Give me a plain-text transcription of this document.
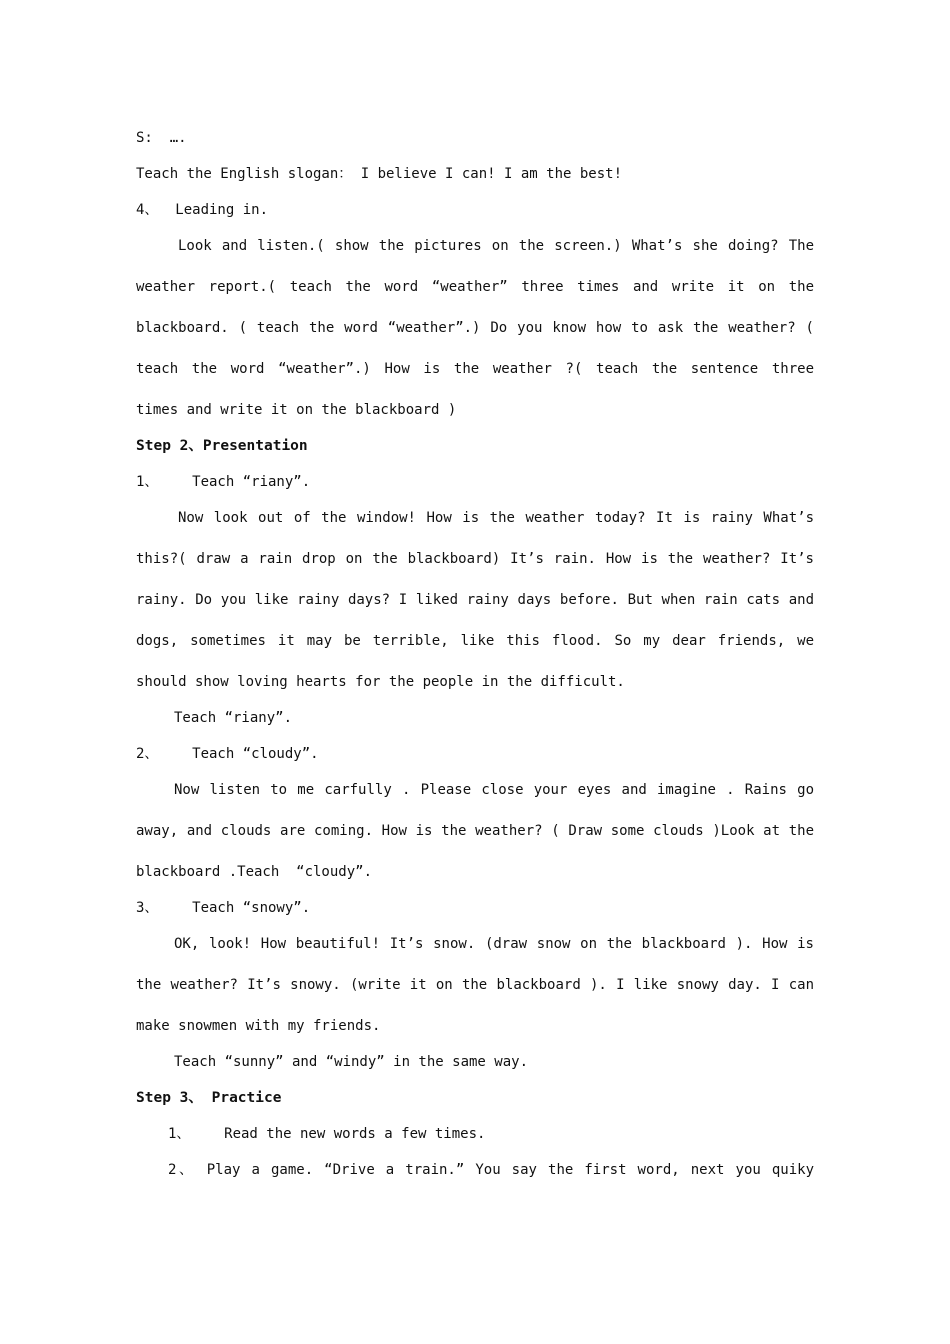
S:  ….
Teach the English slogan： I believe I can! I am the best!
4、  Leading in.
Look and listen.( show the pictures on the screen.) What’s she doing? The
weather report.( teach the word “weather” three times and write it on the
blackboard. ( teach the word “weather”.) Do you know how to ask the weather? (
teach the word “weather”.) How is the weather ?( teach the sentence three
times and write it on the blackboard )
Step 2、Presentation
1、    Teach “riany”.
Now look out of the window! How is the weather today? It is rainy What’s
this?( draw a rain drop on the blackboard) It’s rain. How is the weather? It’s
rainy. Do you like rainy days? I liked rainy days before. But when rain cats and
dogs, sometimes it may be terrible, like this flood. So my dear friends, we
should show loving hearts for the people in the difficult.
Teach “riany”.
2、    Teach “cloudy”.
Now listen to me carfully . Please close your eyes and imagine . Rains go
away, and clouds are coming. How is the weather? ( Draw some clouds )Look at the
blackboard .Teach  “cloudy”.
3、    Teach “snowy”.
OK, look! How beautiful! It’s snow. (draw snow on the blackboard ). How is
the weather? It’s snowy. (write it on the blackboard ). I like snowy day. I can
make snowmen with my friends.
Teach “sunny” and “windy” in the same way.
Step 3、 Practice
1、    Read the new words a few times.
2、 Play a game. “Drive a train.” You say the first word, next you quiky
